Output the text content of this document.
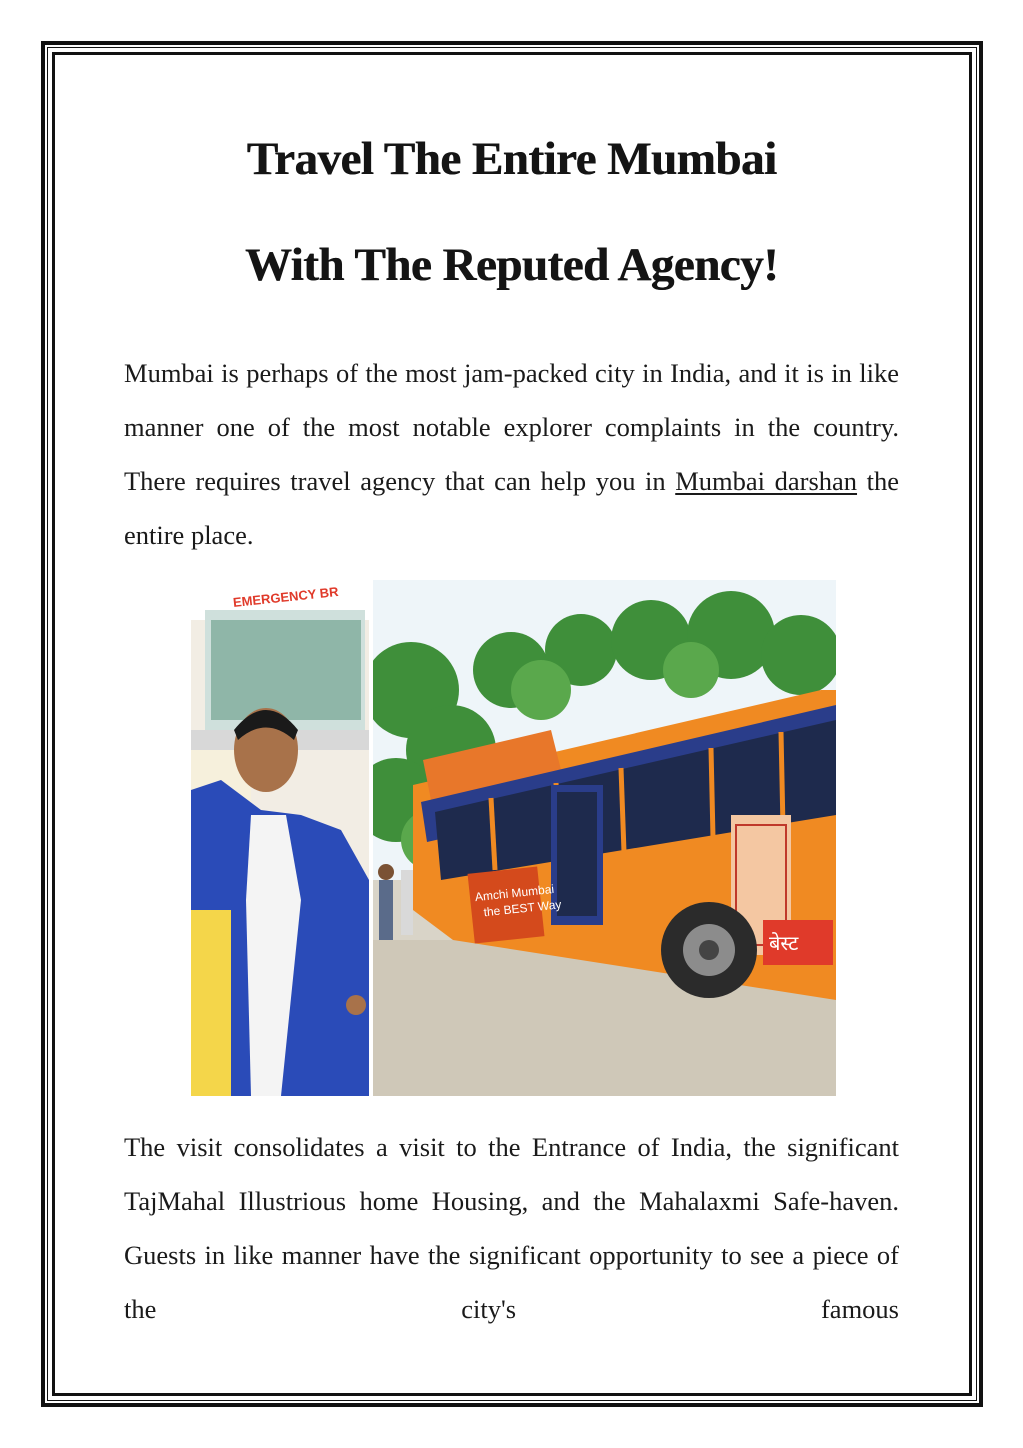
Travel The Entire Mumbai
With The Reputed Agency!

Mumbai is perhaps of the most jam-packed city in India, and it is in like manner one of the most notable explorer complaints in the country. There requires travel agency that can help you in Mumbai darshan the entire place.

Amchi Mumbai
the BEST Way
बेस्ट
EMERGENCY BR

The visit consolidates a visit to the Entrance of India, the significant TajMahal Illustrious home Housing, and the Mahalaxmi Safe-haven. Guests in like manner have the significant opportunity to see a piece of the city's famous
